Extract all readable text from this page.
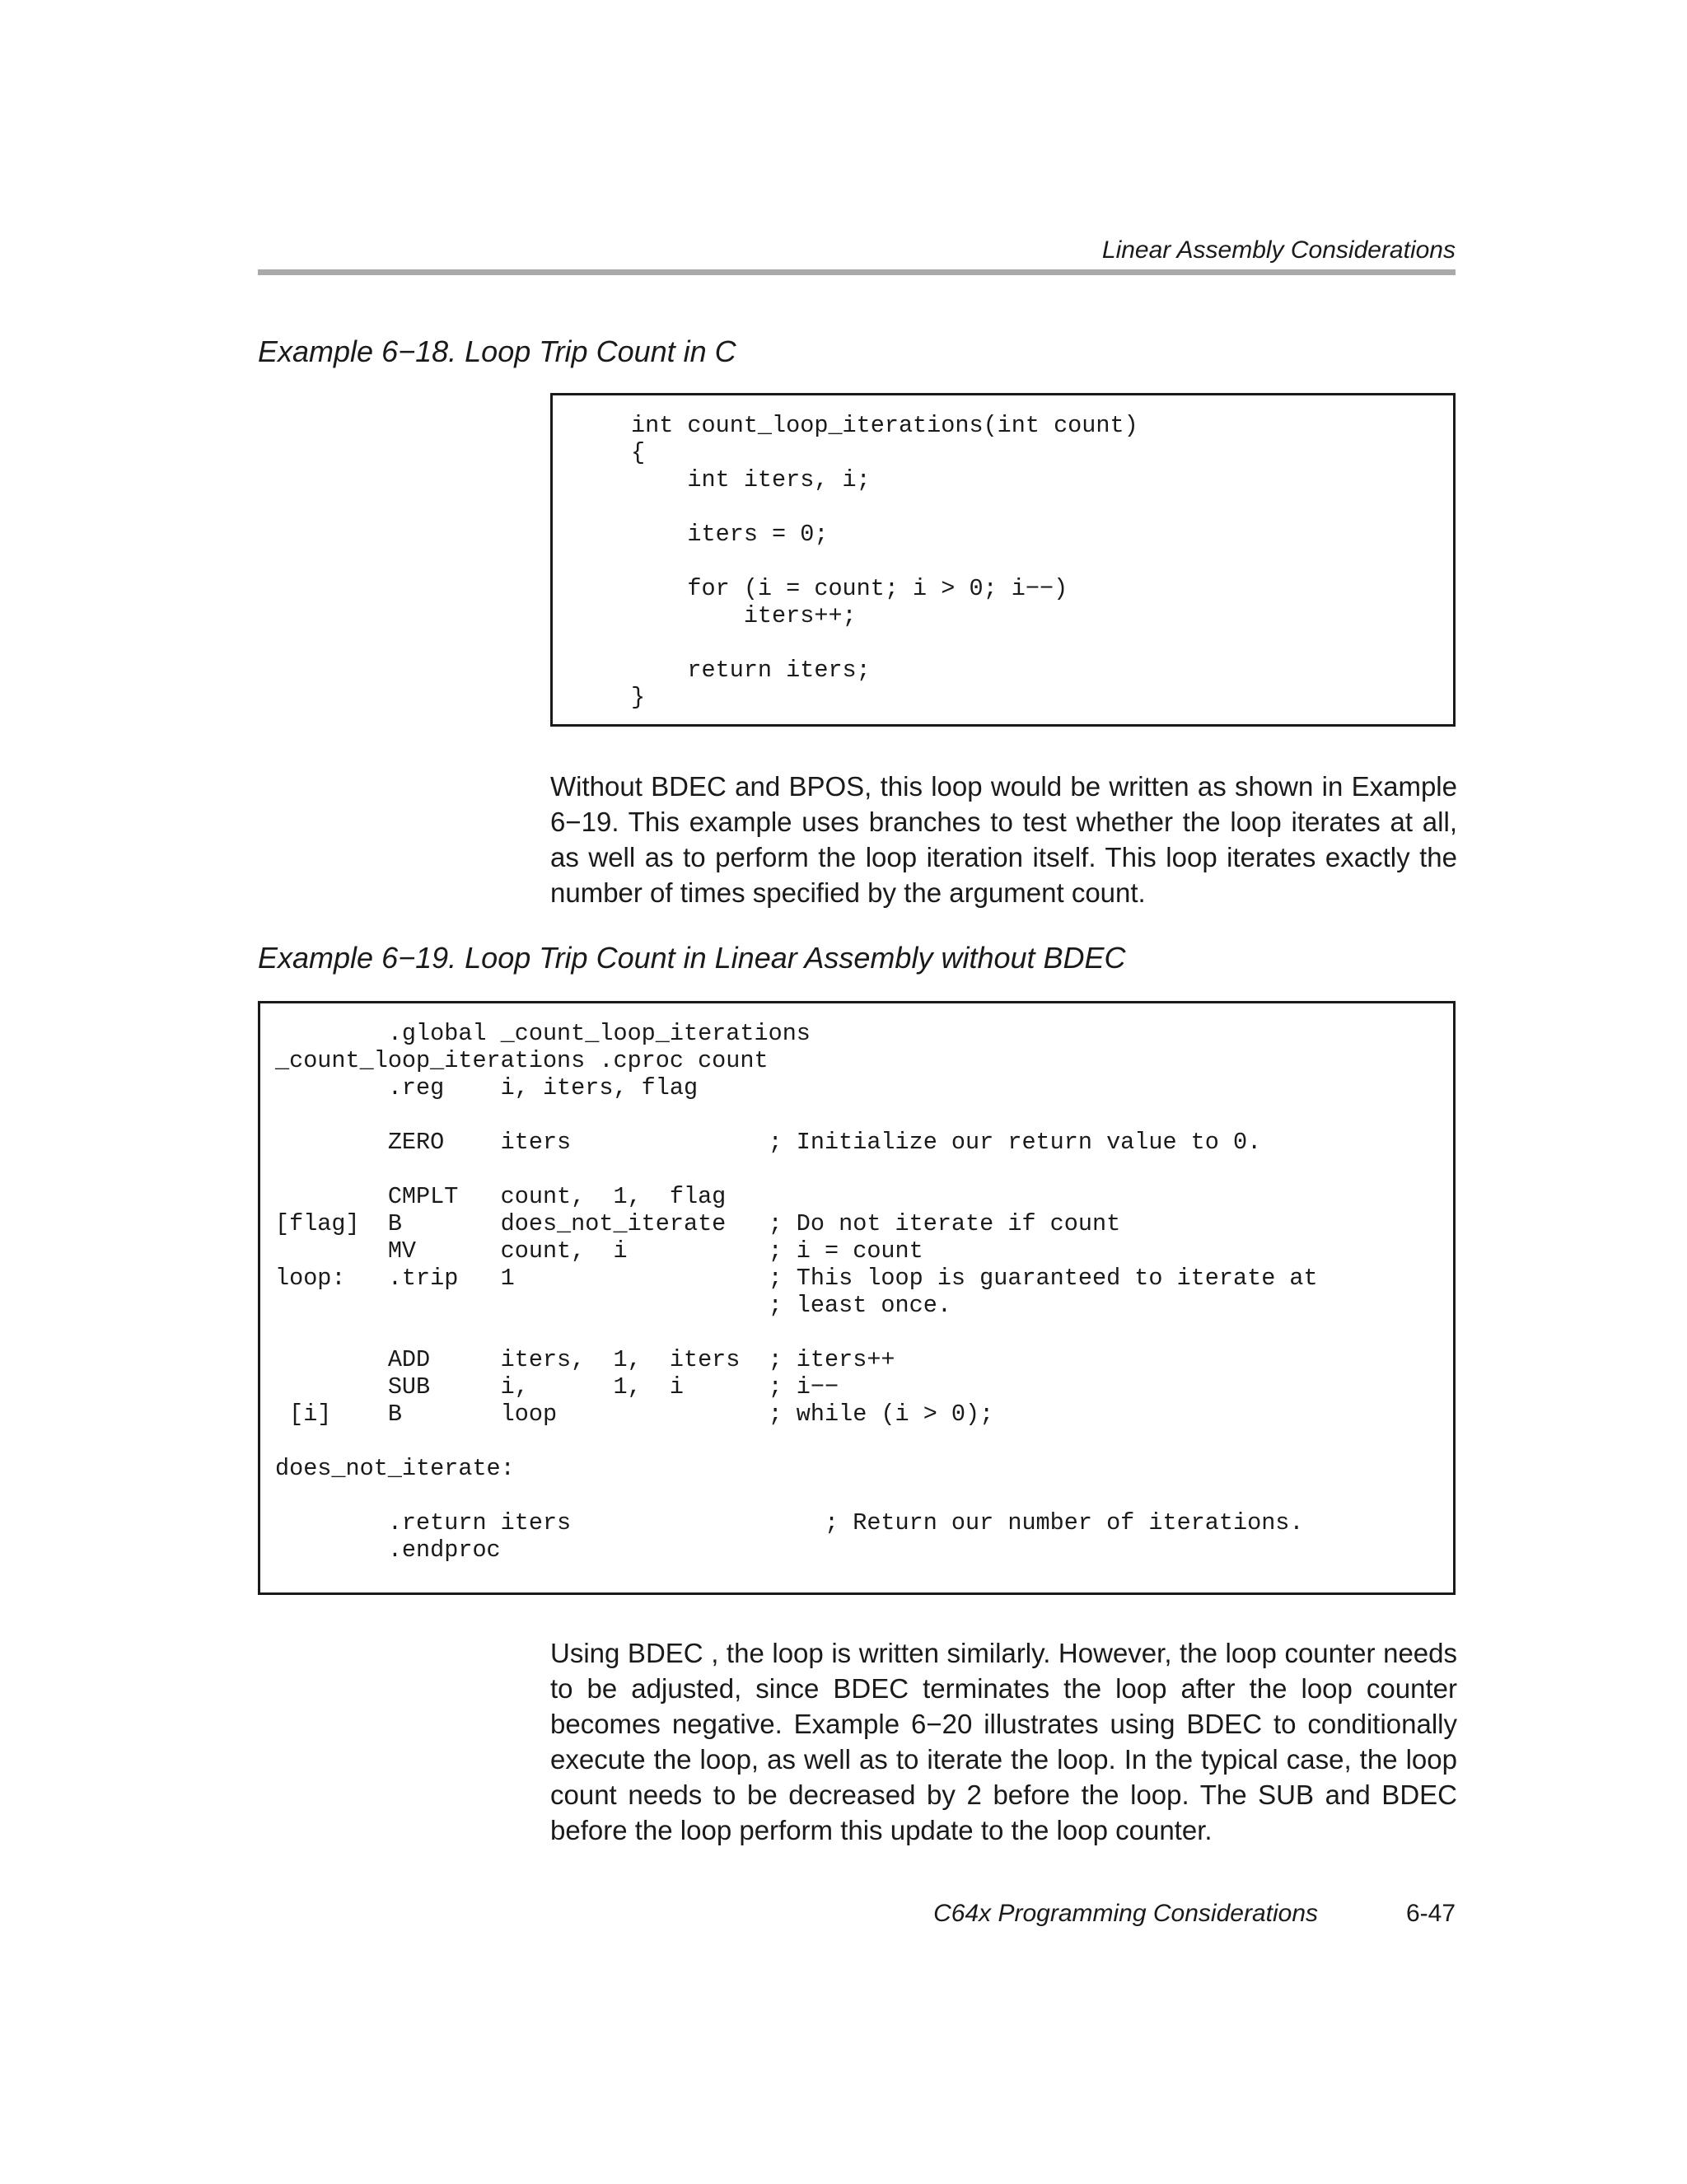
Linear Assembly Considerations
Example 6−18. Loop Trip Count in C
int count_loop_iterations(int count)
{
int iters, i;

iters = 0;

for (i = count; i > 0; i−−)
iters++;

return iters;
}

Without BDEC and BPOS, this loop would be written as shown in Example 6−19. This example uses branches to test whether the loop iterates at all, as well as to perform the loop iteration itself. This loop iterates exactly the number of times specified by the argument count.

Example 6−19. Loop Trip Count in Linear Assembly without BDEC
.global _count_loop_iterations
_count_loop_iterations .cproc count
.reg    i, iters, flag

ZERO    iters              ; Initialize our return value to 0.

CMPLT   count,  1,  flag
[flag]  B       does_not_iterate   ; Do not iterate if count
MV      count,  i          ; i = count
loop:   .trip   1                  ; This loop is guaranteed to iterate at
; least once.

ADD     iters,  1,  iters  ; iters++
SUB     i,      1,  i      ; i−−
[i]    B       loop               ; while (i > 0);

does_not_iterate:

.return iters                  ; Return our number of iterations.
.endproc

Using BDEC , the loop is written similarly. However, the loop counter needs to be adjusted, since BDEC terminates the loop after the loop counter becomes negative. Example 6−20 illustrates using BDEC to conditionally execute the loop, as well as to iterate the loop. In the typical case, the loop count needs to be decreased by 2 before the loop. The SUB and BDEC before the loop perform this update to the loop counter.

C64x Programming Considerations	6-47
